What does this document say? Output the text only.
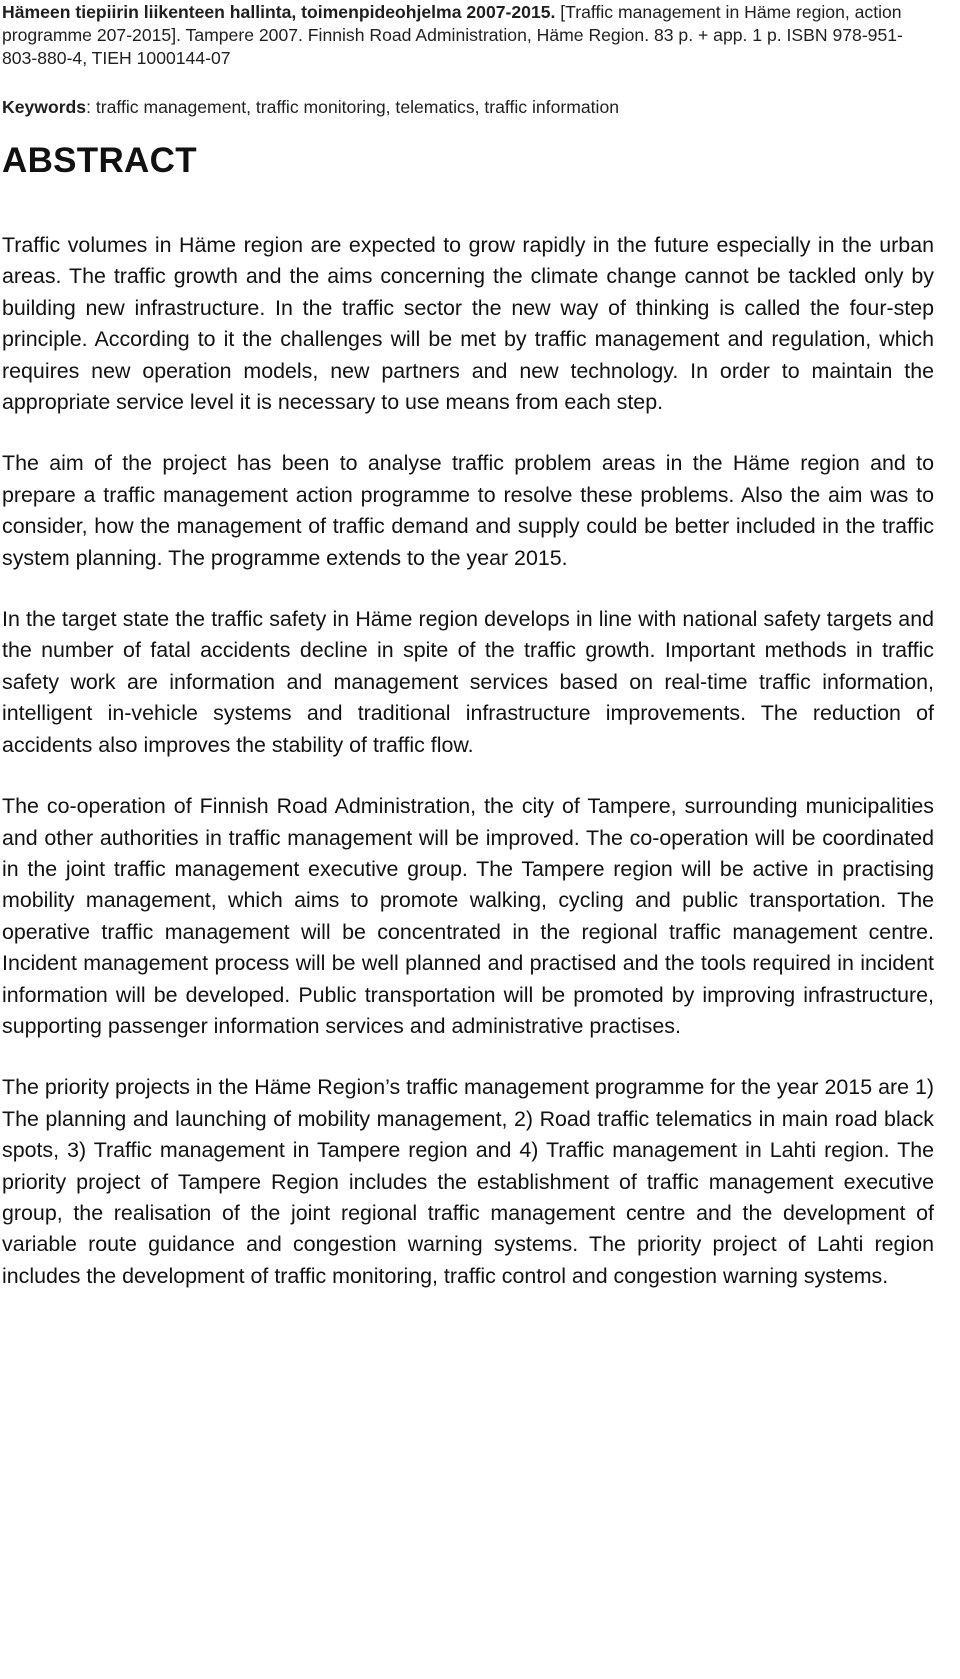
Hämeen tiepiirin liikenteen hallinta, toimenpideohjelma 2007-2015. [Traffic management in Häme region, action programme 207-2015]. Tampere 2007. Finnish Road Administration, Häme Region. 83 p. + app. 1 p. ISBN 978-951-803-880-4, TIEH 1000144-07

Keywords: traffic management, traffic monitoring, telematics, traffic information

ABSTRACT

Traffic volumes in Häme region are expected to grow rapidly in the future especially in the urban areas. The traffic growth and the aims concerning the climate change cannot be tackled only by building new infrastructure. In the traffic sector the new way of thinking is called the four-step principle. According to it the challenges will be met by traffic management and regulation, which requires new operation models, new partners and new technology. In order to maintain the appropriate service level it is necessary to use means from each step.

The aim of the project has been to analyse traffic problem areas in the Häme region and to prepare a traffic management action programme to resolve these problems. Also the aim was to consider, how the management of traffic demand and supply could be better included in the traffic system planning. The programme extends to the year 2015.

In the target state the traffic safety in Häme region develops in line with national safety targets and the number of fatal accidents decline in spite of the traffic growth. Important methods in traffic safety work are information and management services based on real-time traffic information, intelligent in-vehicle systems and traditional infrastructure improvements. The reduction of accidents also improves the stability of traffic flow.

The co-operation of Finnish Road Administration, the city of Tampere, surrounding municipalities and other authorities in traffic management will be improved. The co-operation will be coordinated in the joint traffic management executive group. The Tampere region will be active in practising mobility management, which aims to promote walking, cycling and public transportation. The operative traffic management will be concentrated in the regional traffic management centre. Incident management process will be well planned and practised and the tools required in incident information will be developed. Public transportation will be promoted by improving infrastructure, supporting passenger information services and administrative practises.

The priority projects in the Häme Region’s traffic management programme for the year 2015 are 1) The planning and launching of mobility management, 2) Road traffic telematics in main road black spots, 3) Traffic management in Tampere region and 4) Traffic management in Lahti region. The priority project of Tampere Region includes the establishment of traffic management executive group, the realisation of the joint regional traffic management centre and the development of variable route guidance and congestion warning systems. The priority project of Lahti region includes the development of traffic monitoring, traffic control and congestion warning systems.
